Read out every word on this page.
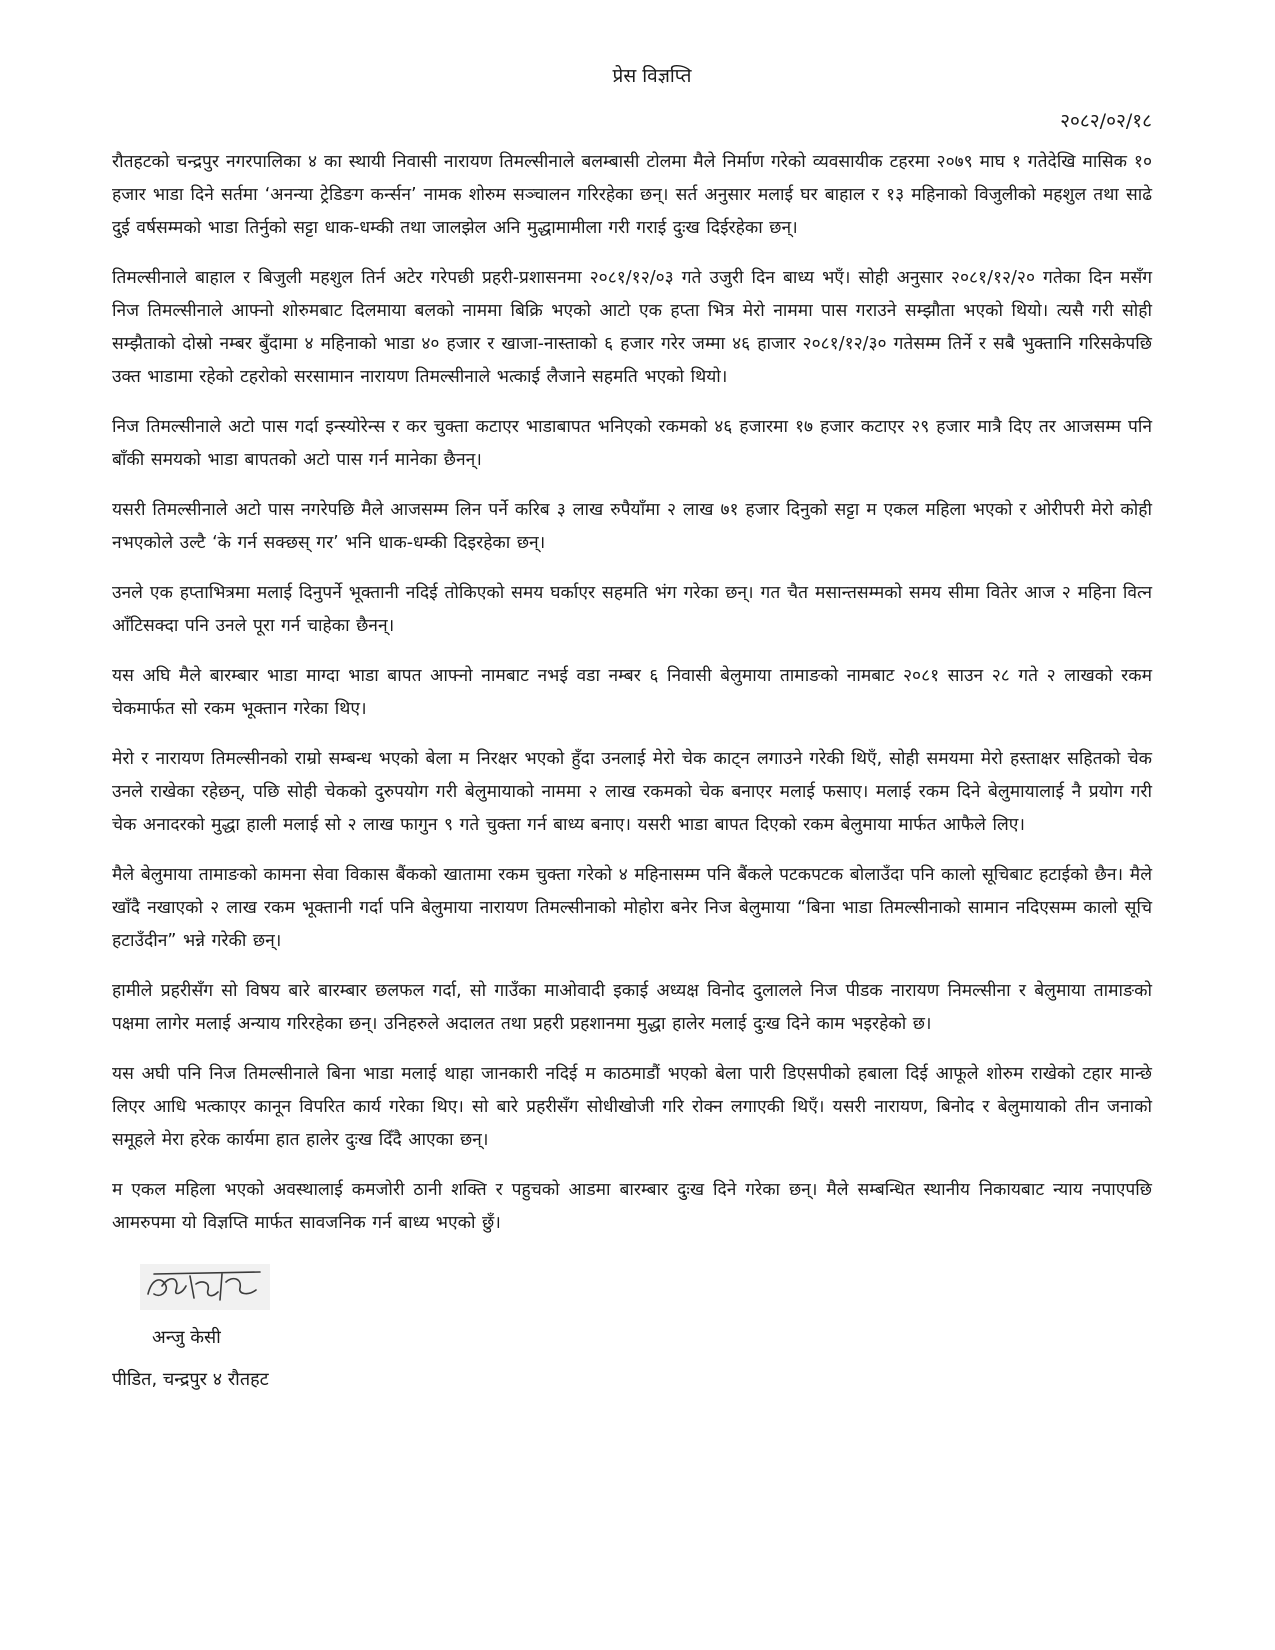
प्रेस विज्ञप्ति
२०८२/०२/१८

रौतहटको चन्द्रपुर नगरपालिका ४ का स्थायी निवासी नारायण तिमल्सीनाले बलम्बासी टोलमा मैले निर्माण गरेको व्यवसायीक टहरमा २०७९ माघ १ गतेदेखि मासिक १० हजार भाडा दिने सर्तमा ‘अनन्या ट्रेडिङग कर्न्सन’ नामक शोरुम सञ्चालन गरिरहेका छन्। सर्त अनुसार मलाई घर बाहाल र १३ महिनाको विजुलीको महशुल तथा साढे दुई वर्षसम्मको भाडा तिर्नुको सट्टा धाक-धम्की तथा जालझेल अनि मुद्धामामीला गरी गराई दुःख दिईरहेका छन्।

तिमल्सीनाले बाहाल र बिजुली महशुल तिर्न अटेर गरेपछी प्रहरी-प्रशासनमा २०८१/१२/०३ गते उजुरी दिन बाध्य भएँ। सोही अनुसार २०८१/१२/२० गतेका दिन मसँग निज तिमल्सीनाले आफ्नो शोरुमबाट दिलमाया बलको नाममा बिक्रि भएको आटो एक हप्ता भित्र मेरो नाममा पास गराउने सम्झौता भएको थियो। त्यसै गरी सोही सम्झैताको दोस्रो नम्बर बुँदामा ४ महिनाको भाडा ४० हजार र खाजा-नास्ताको ६ हजार गरेर जम्मा ४६ हाजार २०८१/१२/३० गतेसम्म तिर्ने र सबै भुक्तानि गरिसकेपछि उक्त भाडामा रहेको टहरोको सरसामान नारायण तिमल्सीनाले भत्काई लैजाने सहमति भएको थियो।

निज तिमल्सीनाले अटो पास गर्दा इन्स्योरेन्स र कर चुक्ता कटाएर भाडाबापत भनिएको रकमको ४६ हजारमा १७ हजार कटाएर २९ हजार मात्रै दिए तर आजसम्म पनि बाँकी समयको भाडा बापतको अटो पास गर्न मानेका छैनन्।

यसरी तिमल्सीनाले अटो पास नगरेपछि मैले आजसम्म लिन पर्ने करिब ३ लाख रुपैयाँमा २ लाख ७१ हजार दिनुको सट्टा म एकल महिला भएको र ओरीपरी मेरो कोही नभएकोले उल्टै ‘के गर्न सक्छस् गर’ भनि धाक-धम्की दिइरहेका छन्।

उनले एक हप्ताभित्रमा मलाई दिनुपर्ने भूक्तानी नदिई तोकिएको समय घर्काएर सहमति भंग गरेका छन्। गत चैत मसान्तसम्मको समय सीमा वितेर आज २ महिना वित्न आँटिसक्दा पनि उनले पूरा गर्न चाहेका छैनन्।

यस अघि मैले बारम्बार भाडा माग्दा भाडा बापत आफ्नो नामबाट नभई वडा नम्बर ६ निवासी बेलुमाया तामाङको नामबाट २०८१ साउन २८ गते २ लाखको रकम चेकमार्फत सो रकम भूक्तान गरेका थिए।

मेरो र नारायण तिमल्सीनको राम्रो सम्बन्ध भएको बेला म निरक्षर भएको हुँदा उनलाई मेरो चेक काट्न लगाउने गरेकी थिएँ, सोही समयमा मेरो हस्ताक्षर सहितको चेक उनले राखेका रहेछन्, पछि सोही चेकको दुरुपयोग गरी बेलुमायाको नाममा २ लाख रकमको चेक बनाएर मलाई फसाए। मलाई रकम दिने बेलुमायालाई नै प्रयोग गरी चेक अनादरको मुद्धा हाली मलाई सो २ लाख फागुन ९ गते चुक्ता गर्न बाध्य बनाए। यसरी भाडा बापत दिएको रकम बेलुमाया मार्फत आफैले लिए।

मैले बेलुमाया तामाङको कामना सेवा विकास बैंकको खातामा रकम चुक्ता गरेको ४ महिनासम्म पनि बैंकले पटकपटक बोलाउँदा पनि कालो सूचिबाट हटाईको छैन। मैले खाँदै नखाएको २ लाख रकम भूक्तानी गर्दा पनि बेलुमाया नारायण तिमल्सीनाको मोहोरा बनेर निज बेलुमाया “बिना भाडा तिमल्सीनाको सामान नदिएसम्म कालो सूचि हटाउँदीन” भन्ने गरेकी छन्।

हामीले प्रहरीसँग सो विषय बारे बारम्बार छलफल गर्दा, सो गाउँका माओवादी इकाई अध्यक्ष विनोद दुलालले निज पीडक नारायण निमल्सीना र बेलुमाया तामाङको पक्षमा लागेर मलाई अन्याय गरिरहेका छन्। उनिहरुले अदालत तथा प्रहरी प्रहशानमा मुद्धा हालेर मलाई दुःख दिने काम भइरहेको छ।

यस अघी पनि निज तिमल्सीनाले बिना भाडा मलाई थाहा जानकारी नदिई म काठमाडौं भएको बेला पारी डिएसपीको हबाला दिई आफूले शोरुम राखेको टहार मान्छे लिएर आधि भत्काएर कानून विपरित कार्य गरेका थिए। सो बारे प्रहरीसँग सोधीखोजी गरि रोक्न लगाएकी थिएँ। यसरी नारायण, बिनोद र बेलुमायाको तीन जनाको समूहले मेरा हरेक कार्यमा हात हालेर दुःख दिँदै आएका छन्।

म एकल महिला भएको अवस्थालाई कमजोरी ठानी शक्ति र पहुचको आडमा बारम्बार दुःख दिने गरेका छन्। मैले सम्बन्धित स्थानीय निकायबाट न्याय नपाएपछि आमरुपमा यो विज्ञप्ति मार्फत सावजनिक गर्न बाध्य भएको छुँ।

अन्जु केसी
पीडित, चन्द्रपुर ४ रौतहट
